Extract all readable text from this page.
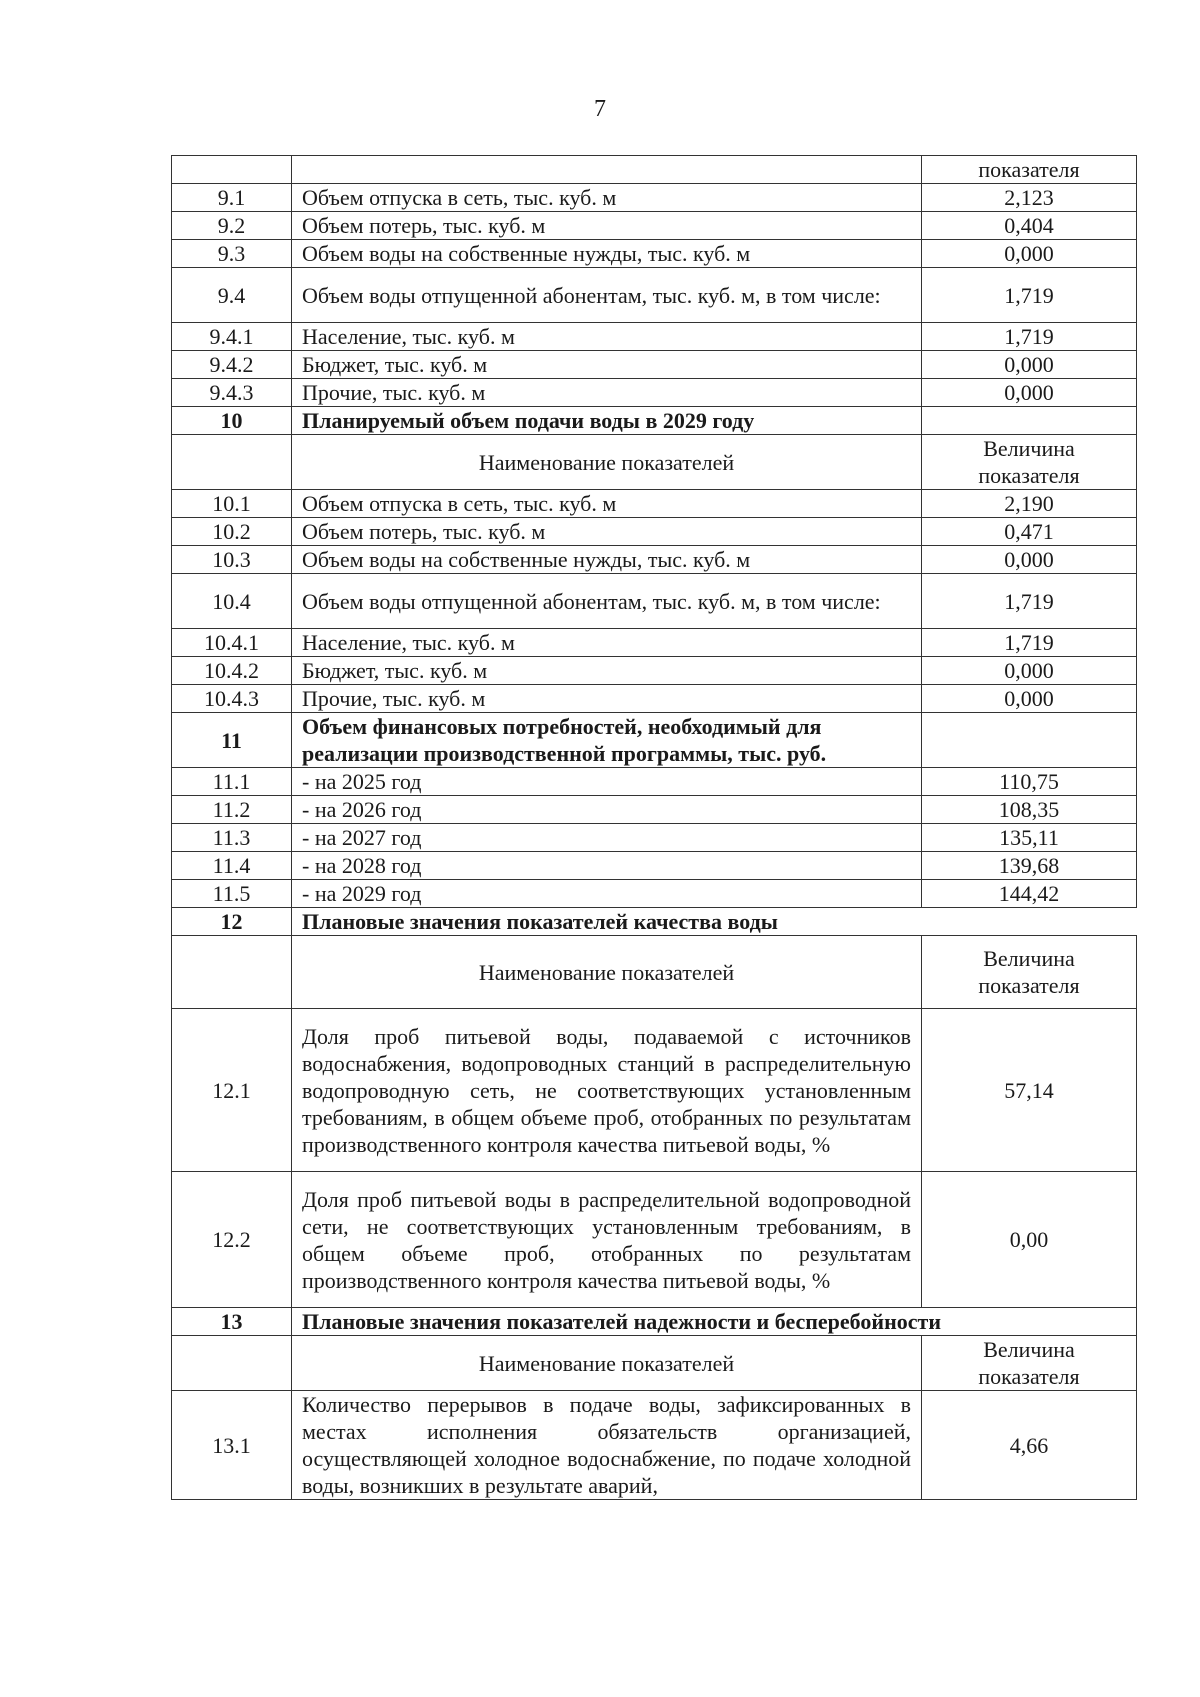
7
		показателя
9.1	Объем отпуска в сеть, тыс. куб. м	2,123
9.2	Объем потерь, тыс. куб. м	0,404
9.3	Объем воды на собственные нужды, тыс. куб. м	0,000
9.4	Объем воды отпущенной абонентам, тыс. куб. м, в том числе:	1,719
9.4.1	Население, тыс. куб. м	1,719
9.4.2	Бюджет, тыс. куб. м	0,000
9.4.3	Прочие, тыс. куб. м	0,000
10	Планируемый объем подачи воды в 2029 году	
	Наименование показателей	Величина показателя
10.1	Объем отпуска в сеть, тыс. куб. м	2,190
10.2	Объем потерь, тыс. куб. м	0,471
10.3	Объем воды на собственные нужды, тыс. куб. м	0,000
10.4	Объем воды отпущенной абонентам, тыс. куб. м, в том числе:	1,719
10.4.1	Население, тыс. куб. м	1,719
10.4.2	Бюджет, тыс. куб. м	0,000
10.4.3	Прочие, тыс. куб. м	0,000
11	Объем финансовых потребностей, необходимый для реализации производственной программы, тыс. руб.	
11.1	- на 2025 год	110,75
11.2	- на 2026 год	108,35
11.3	- на 2027 год	135,11
11.4	- на 2028 год	139,68
11.5	- на 2029 год	144,42
12	Плановые значения показателей качества воды	
	Наименование показателей	Величина показателя
12.1	Доля проб питьевой воды, подаваемой с источников водоснабжения, водопроводных станций в распределительную водопроводную сеть, не соответствующих установленным требованиям, в общем объеме проб, отобранных по результатам производственного контроля качества питьевой воды, %	57,14
12.2	Доля проб питьевой воды в распределительной водопроводной сети, не соответствующих установленным требованиям, в общем объеме проб, отобранных по результатам производственного контроля качества питьевой воды, %	0,00
13	Плановые значения показателей надежности и бесперебойности	
	Наименование показателей	Величина показателя
13.1	Количество перерывов в подаче воды, зафиксированных в местах исполнения обязательств организацией, осуществляющей холодное водоснабжение, по подаче холодной воды, возникших в результате аварий,	4,66
